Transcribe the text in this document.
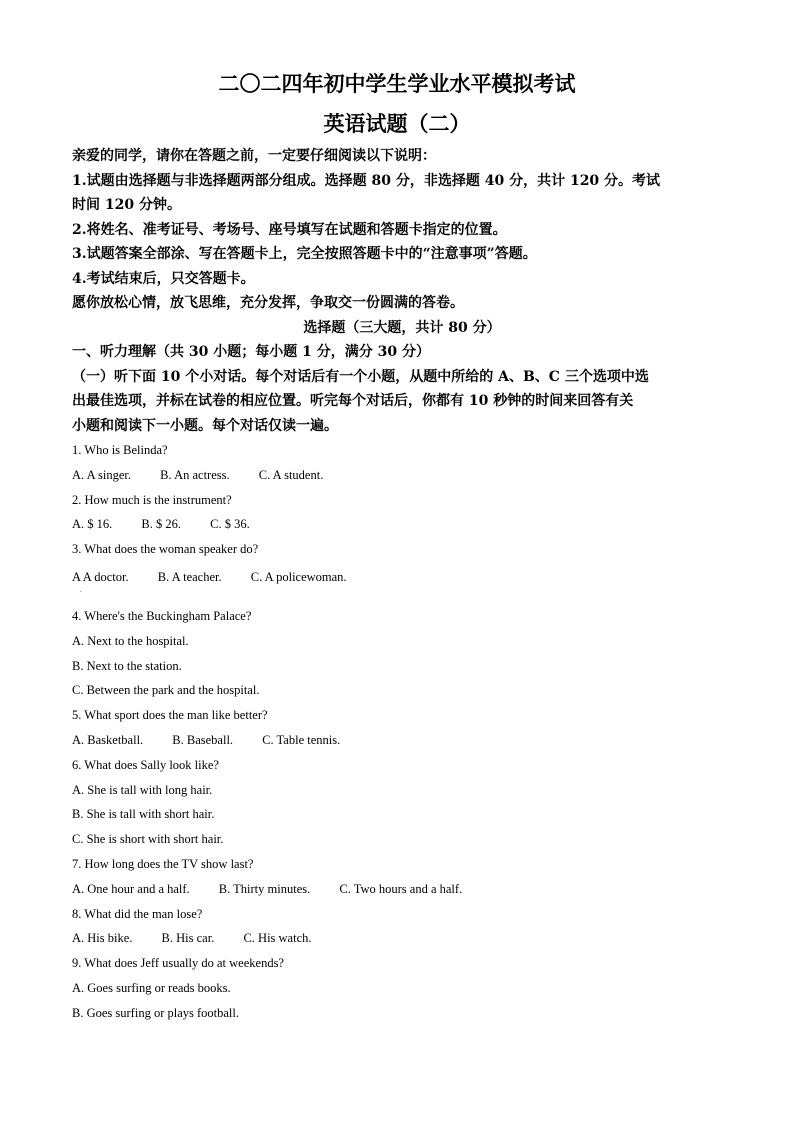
二〇二四年初中学生学业水平模拟考试
英语试题（二）
亲爱的同学，请你在答题之前，一定要仔细阅读以下说明：
1.试题由选择题与非选择题两部分组成。选择题 80 分，非选择题 40 分，共计 120 分。考试
时间 120 分钟。
2.将姓名、准考证号、考场号、座号填写在试题和答题卡指定的位置。
3.试题答案全部涂、写在答题卡上，完全按照答题卡中的“注意事项”答题。
4.考试结束后，只交答题卡。
愿你放松心情，放飞思维，充分发挥，争取交一份圆满的答卷。
选择题（三大题，共计 80 分）
一、听力理解（共 30 小题；每小题 1 分，满分 30 分）
（一）听下面 10 个小对话。每个对话后有一个小题，从题中所给的 A、B、C 三个选项中选
出最佳选项，并标在试卷的相应位置。听完每个对话后，你都有 10 秒钟的时间来回答有关
小题和阅读下一小题。每个对话仅读一遍。
1. Who is Belinda?
A. A singer. B. An actress. C. A student.
2. How much is the instrument?
A. $ 16. B. $ 26. C. $ 36.
3. What does the woman speaker do?
A A doctor. B. A teacher. C. A policewoman.
.
4. Where's the Buckingham Palace?
A. Next to the hospital.
B. Next to the station.
C. Between the park and the hospital.
5. What sport does the man like better?
A. Basketball. B. Baseball. C. Table tennis.
6. What does Sally look like?
A. She is tall with long hair.
B. She is tall with short hair.
C. She is short with short hair.
7. How long does the TV show last?
A. One hour and a half. B. Thirty minutes. C. Two hours and a half.
8. What did the man lose?
A. His bike. B. His car. C. His watch.
9. What does Jeff usually do at weekends?
A. Goes surfing or reads books.
B. Goes surfing or plays football.
